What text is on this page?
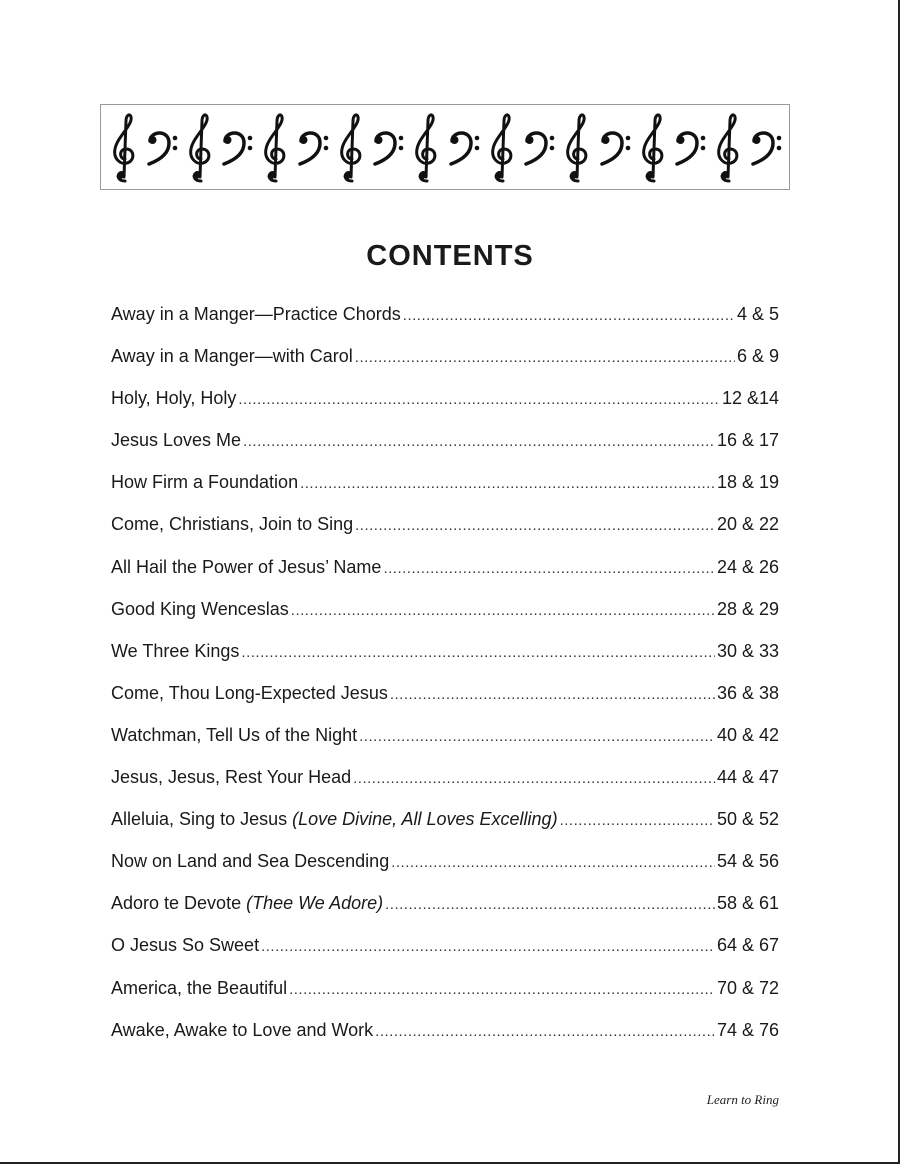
CONTENTS
Away in a Manger—Practice Chords .....	4 & 5
Away in a Manger—with Carol .....	6 & 9
Holy, Holy, Holy .....	12 &14
Jesus Loves Me .....	16 & 17
How Firm a Foundation .....	18 & 19
Come, Christians, Join to Sing .....	20 & 22
All Hail the Power of Jesus’ Name .....	24 & 26
Good King Wenceslas .....	28 & 29
We Three Kings .....	30 & 33
Come, Thou Long-Expected Jesus .....	36 & 38
Watchman, Tell Us of the Night .....	40 & 42
Jesus, Jesus, Rest Your Head .....	44 & 47
Alleluia, Sing to Jesus (Love Divine, All Loves Excelling) .....	50 & 52
Now on Land and Sea Descending .....	54 & 56
Adoro te Devote (Thee We Adore) .....	58 & 61
O Jesus So Sweet .....	64 & 67
America, the Beautiful .....	70 & 72
Awake, Awake to Love and Work .....	74 & 76
Learn to Ring
